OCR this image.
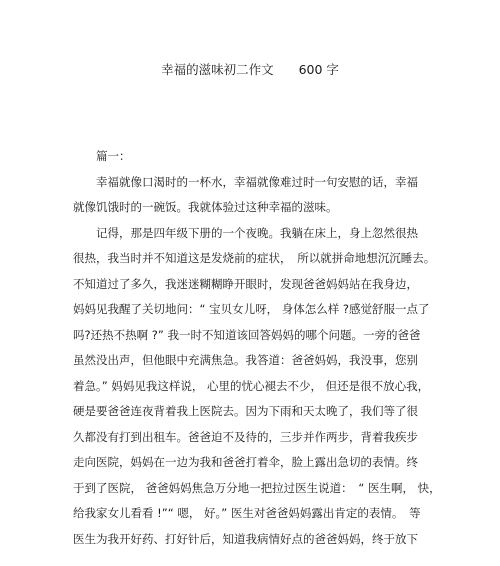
幸福的滋味初二作文　　600 字
篇一：
幸福就像口渴时的一杯水，幸福就像难过时一句安慰的话，幸福
就像饥饿时的一碗饭。我就体验过这种幸福的滋味。
记得，那是四年级下册的一个夜晚。我躺在床上，身上忽然很热
很热，我当时并不知道这是发烧前的症状，　所以就拼命地想沉沉睡去。
不知道过了多久，我迷迷糊糊睁开眼时，发现爸爸妈妈站在我身边，
妈妈见我醒了关切地问：“ 宝贝女儿呀， 身体怎么样 ?感觉舒服一点了
吗?还热不热啊 ?” 我一时不知道该回答妈妈的哪个问题。一旁的爸爸
虽然没出声，但他眼中充满焦急。我答道：爸爸妈妈，我没事，您别
着急。” 妈妈见我这样说， 心里的忧心褪去不少， 但还是很不放心我，
硬是要爸爸连夜背着我上医院去。因为下雨和天太晚了，我们等了很
久都没有打到出租车。爸爸迫不及待的，三步并作两步，背着我疾步
走向医院，妈妈在一边为我和爸爸打着伞，脸上露出急切的表情。终
于到了医院， 爸爸妈妈焦急万分地一把拉过医生说道：　“ 医生啊， 快，
给我家女儿看看 !”“ 嗯， 好。” 医生对爸爸妈妈露出肯定的表情。　等
医生为我开好药、打好针后，知道我病情好点的爸爸妈妈，终于放下
